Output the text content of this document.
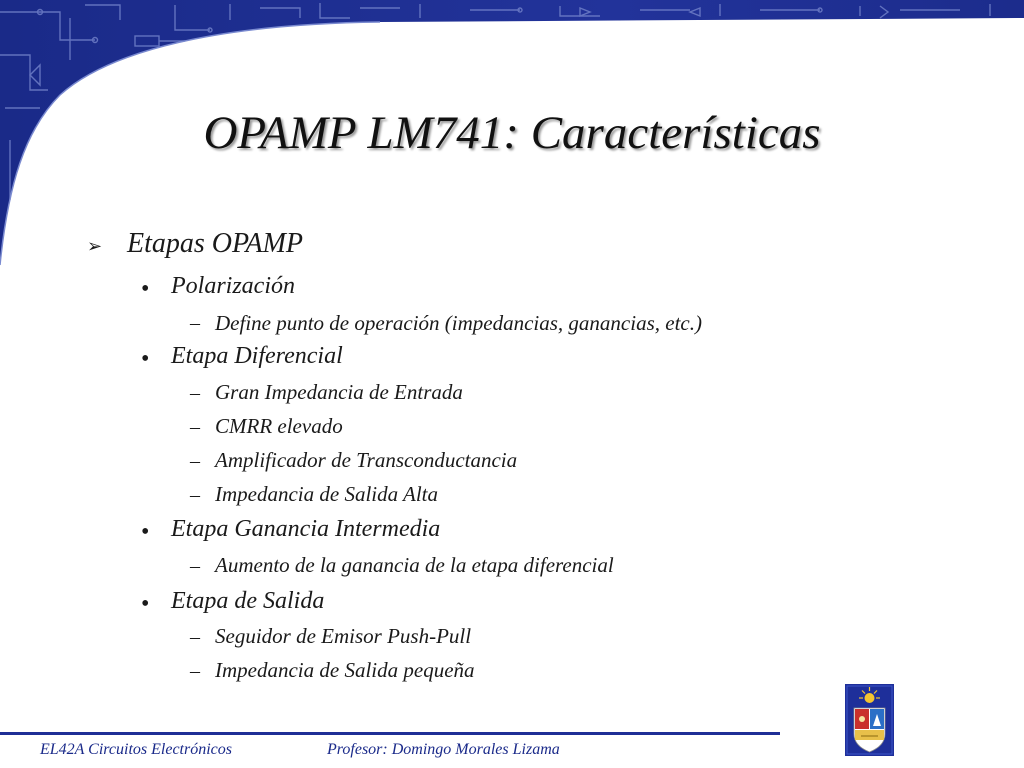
OPAMP LM741: Características
➢ Etapas OPAMP
• Polarización
– Define punto de operación (impedancias, ganancias, etc.)
• Etapa Diferencial
– Gran Impedancia de Entrada
– CMRR elevado
– Amplificador de Transconductancia
– Impedancia de Salida Alta
• Etapa Ganancia Intermedia
– Aumento de la ganancia de la etapa diferencial
• Etapa de Salida
– Seguidor de Emisor Push-Pull
– Impedancia de Salida pequeña
EL42A Circuitos Electrónicos	Profesor: Domingo Morales Lizama
